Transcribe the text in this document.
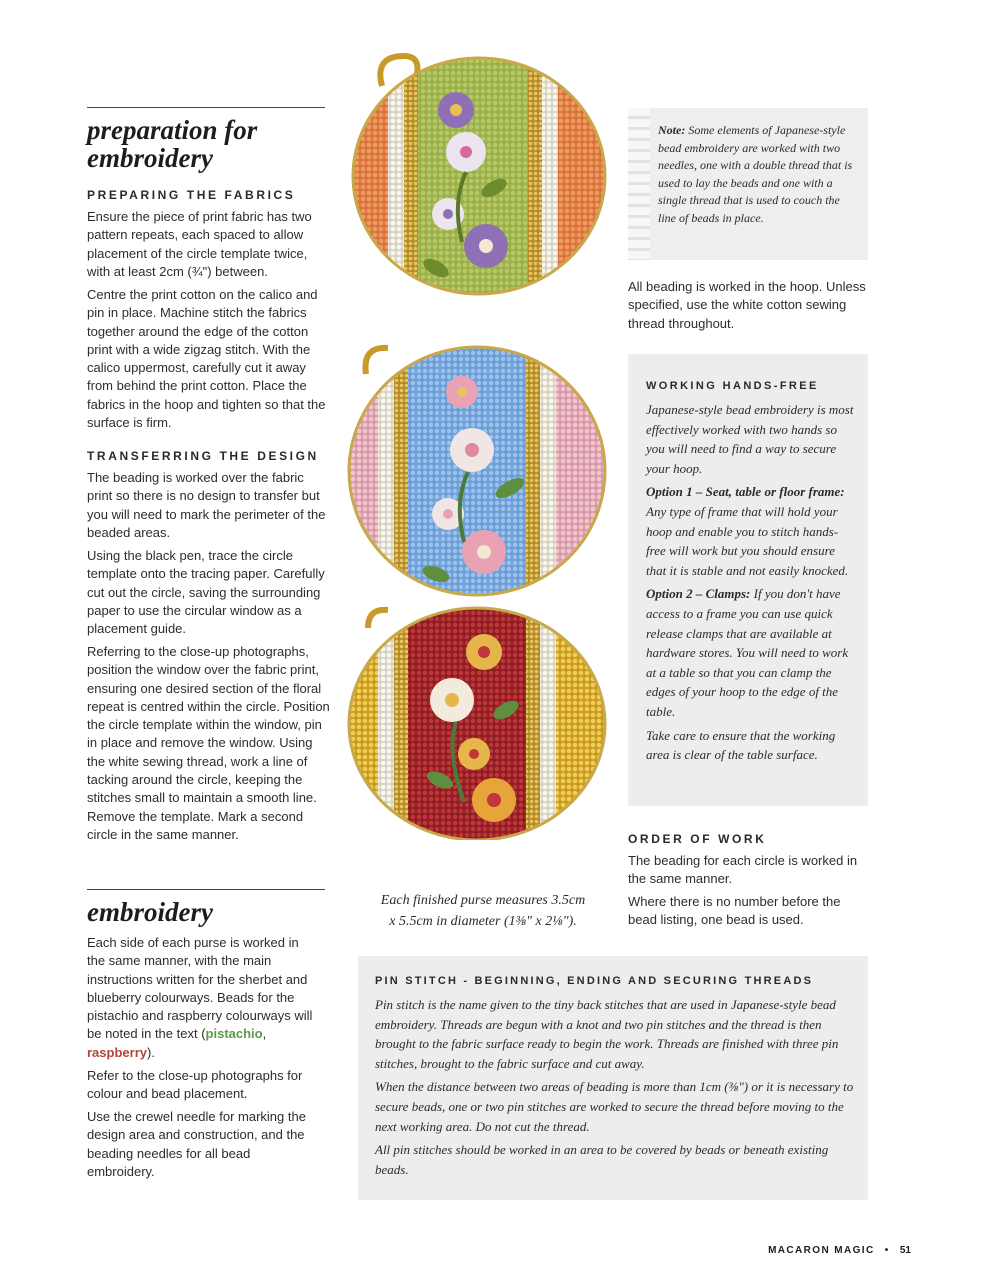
preparation for
embroidery
PREPARING THE FABRICS

Ensure the piece of print fabric has two pattern repeats, each spaced to allow placement of the circle template twice, with at least 2cm (¾") between.

Centre the print cotton on the calico and pin in place. Machine stitch the fabrics together around the edge of the cotton print with a wide zigzag stitch. With the calico uppermost, carefully cut it away from behind the print cotton. Place the fabrics in the hoop and tighten so that the surface is firm.

TRANSFERRING THE DESIGN

The beading is worked over the fabric print so there is no design to transfer but you will need to mark the perimeter of the beaded areas.

Using the black pen, trace the circle template onto the tracing paper. Carefully cut out the circle, saving the surrounding paper to use the circular window as a placement guide.

Referring to the close-up photographs, position the window over the fabric print, ensuring one desired section of the floral repeat is centred within the circle. Position the circle template within the window, pin in place and remove the window. Using the white sewing thread, work a line of tacking around the circle, keeping the stitches small to maintain a smooth line. Remove the template. Mark a second circle in the same manner.

embroidery

Each side of each purse is worked in the same manner, with the main instructions written for the sherbet and blueberry colourways. Beads for the pistachio and raspberry colourways will be noted in the text (pistachio, raspberry).

Refer to the close-up photographs for colour and bead placement.

Use the crewel needle for marking the design area and construction, and the beading needles for all bead embroidery.

Each finished purse measures 3.5cm
x 5.5cm in diameter (1⅜" x 2⅛").

Note: Some elements of Japanese-style bead embroidery are worked with two needles, one with a double thread that is used to lay the beads and one with a single thread that is used to couch the line of beads in place.

All beading is worked in the hoop. Unless specified, use the white cotton sewing thread throughout.

WORKING HANDS-FREE

Japanese-style bead embroidery is most effectively worked with two hands so you will need to find a way to secure your hoop.

Option 1 – Seat, table or floor frame: Any type of frame that will hold your hoop and enable you to stitch hands-free will work but you should ensure that it is stable and not easily knocked.

Option 2 – Clamps: If you don't have access to a frame you can use quick release clamps that are available at hardware stores. You will need to work at a table so that you can clamp the edges of your hoop to the edge of the table.

Take care to ensure that the working area is clear of the table surface.

ORDER OF WORK

The beading for each circle is worked in the same manner.

Where there is no number before the bead listing, one bead is used.

PIN STITCH - BEGINNING, ENDING AND SECURING THREADS

Pin stitch is the name given to the tiny back stitches that are used in Japanese-style bead embroidery. Threads are begun with a knot and two pin stitches and the thread is then brought to the fabric surface ready to begin the work. Threads are finished with three pin stitches, brought to the fabric surface and cut away.

When the distance between two areas of beading is more than 1cm (⅜") or it is necessary to secure beads, one or two pin stitches are worked to secure the thread before moving to the next working area. Do not cut the thread.

All pin stitches should be worked in an area to be covered by beads or beneath existing beads.

MACARON MAGIC • 51
